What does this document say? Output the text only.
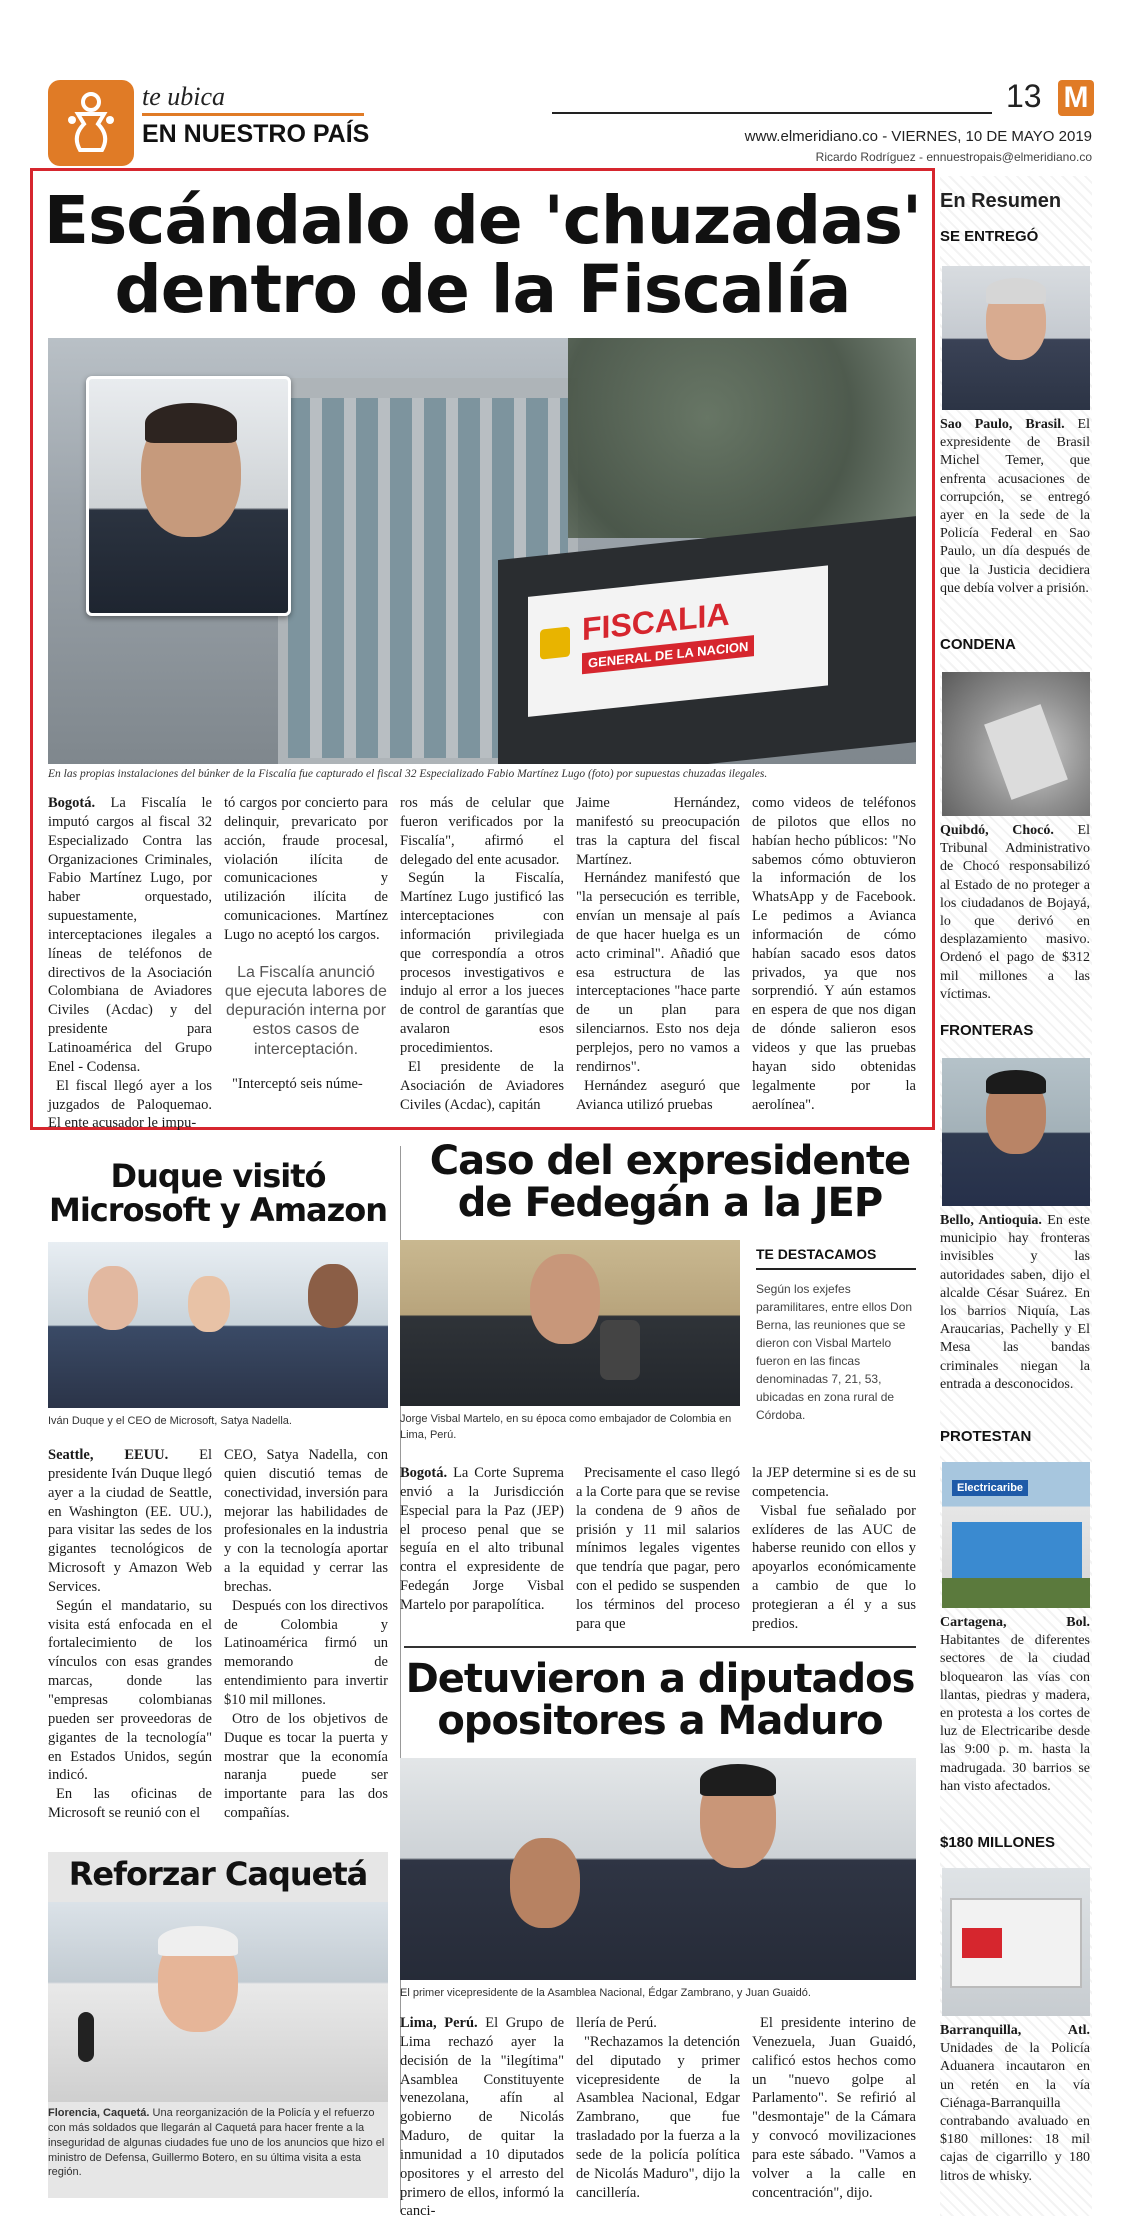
te ubica
EN NUESTRO PAÍS
13 M
www.elmeridiano.co - VIERNES, 10 DE MAYO 2019
Ricardo Rodríguez - ennuestropais@elmeridiano.co
Escándalo de 'chuzadas'
dentro de la Fiscalía
FISCALIA
GENERAL DE LA NACION
En las propias instalaciones del búnker de la Fiscalía fue capturado el fiscal 32 Especializado Fabio Martínez Lugo (foto) por supuestas chuzadas ilegales.

Bogotá. La Fiscalía le imputó cargos al fiscal 32 Especializado Contra las Organizaciones Criminales, Fabio Martínez Lugo, por haber orquestado, supuestamente, interceptaciones ilegales a líneas de teléfonos de directivos de la Asociación Colombiana de Aviadores Civiles (Acdac) y del presidente para Latinoamérica del Grupo Enel - Codensa.

El fiscal llegó ayer a los juzgados de Paloquemao. El ente acusador le impu-

tó cargos por concierto para delinquir, prevaricato por acción, fraude procesal, violación ilícita de comunicaciones y utilización ilícita de comunicaciones. Martínez Lugo no aceptó los cargos.

La Fiscalía anunció que ejecuta labores de depuración interna por estos casos de interceptación.

"Interceptó seis núme-

ros más de celular que fueron verificados por la Fiscalía", afirmó el delegado del ente acusador.

Según la Fiscalía, Martínez Lugo justificó las interceptaciones con información privilegiada que correspondía a otros procesos investigativos e indujo al error a los jueces de control de garantías que avalaron esos procedimientos.

El presidente de la Asociación de Aviadores Civiles (Acdac), capitán

Jaime Hernández, manifestó su preocupación tras la captura del fiscal Martínez.

Hernández manifestó que "la persecución es terrible, envían un mensaje al país de que hacer huelga es un acto criminal". Añadió que esa estructura de las interceptaciones "hace parte de un plan para silenciarnos. Esto nos deja perplejos, pero no vamos a rendirnos".

Hernández aseguró que Avianca utilizó pruebas

como videos de teléfonos de pilotos que ellos no habían hecho públicos: "No sabemos cómo obtuvieron la información de los WhatsApp y de Facebook. Le pedimos a Avianca información de cómo habían sacado esos datos privados, ya que nos sorprendió. Y aún estamos en espera de que nos digan de dónde salieron esos videos y que las pruebas hayan sido obtenidas legalmente por la aerolínea".

En Resumen
SE ENTREGÓ
Sao Paulo, Brasil. El expresidente de Brasil Michel Temer, que enfrenta acusaciones de corrupción, se entregó ayer en la sede de la Policía Federal en Sao Paulo, un día después de que la Justicia decidiera que debía volver a prisión.
CONDENA
Quibdó, Chocó. El Tribunal Administrativo de Chocó responsabilizó al Estado de no proteger a los ciudadanos de Bojayá, lo que derivó en desplazamiento masivo. Ordenó el pago de $312 mil millones a las víctimas.
FRONTERAS
Bello, Antioquia. En este municipio hay fronteras invisibles y las autoridades saben, dijo el alcalde César Suárez. En los barrios Niquía, Las Araucarias, Pachelly y El Mesa las bandas criminales niegan la entrada a desconocidos.
PROTESTAN
Electricaribe
Cartagena, Bol. Habitantes de diferentes sectores de la ciudad bloquearon las vías con llantas, piedras y madera, en protesta a los cortes de luz de Electricaribe desde las 9:00 p. m. hasta la madrugada. 30 barrios se han visto afectados.
$180 MILLONES
Barranquilla, Atl. Unidades de la Policía Aduanera incautaron en un retén en la vía Ciénaga-Barranquilla contrabando avaluado en $180 millones: 18 mil cajas de cigarrillo y 180 litros de whisky.
Duque visitó
Microsoft y Amazon
Iván Duque y el CEO de Microsoft, Satya Nadella.

Seattle, EEUU. El presidente Iván Duque llegó ayer a la ciudad de Seattle, en Washington (EE. UU.), para visitar las sedes de los gigantes tecnológicos de Microsoft y Amazon Web Services.

Según el mandatario, su visita está enfocada en el fortalecimiento de los vínculos con esas grandes marcas, donde las "empresas colombianas pueden ser proveedoras de gigantes de la tecnología" en Estados Unidos, según indicó.

En las oficinas de Microsoft se reunió con el

CEO, Satya Nadella, con quien discutió temas de conectividad, inversión para mejorar las habilidades de profesionales en la industria y con la tecnología aportar a la equidad y cerrar las brechas.

Después con los directivos de Colombia y Latinoamérica firmó un memorando de entendimiento para invertir $10 mil millones.

Otro de los objetivos de Duque es tocar la puerta y mostrar que la economía naranja puede ser importante para las dos compañías.

Caso del expresidente
de Fedegán a la JEP
Jorge Visbal Martelo, en su época como embajador de Colombia en Lima, Perú.
TE DESTACAMOS
Según los exjefes paramilitares, entre ellos Don Berna, las reuniones que se dieron con Visbal Martelo fueron en las fincas denominadas 7, 21, 53, ubicadas en zona rural de Córdoba.

Bogotá. La Corte Suprema envió a la Jurisdicción Especial para la Paz (JEP) el proceso penal que se seguía en el alto tribunal contra el expresidente de Fedegán Jorge Visbal Martelo por parapolítica.

Precisamente el caso llegó a la Corte para que se revise la condena de 9 años de prisión y 11 mil salarios mínimos legales vigentes que tendría que pagar, pero con el pedido se suspenden los términos del proceso para que

la JEP determine si es de su competencia.

Visbal fue señalado por exlíderes de las AUC de haberse reunido con ellos y apoyarlos económicamente a cambio de que lo protegieran a él y a sus predios.

Detuvieron a diputados
opositores a Maduro
El primer vicepresidente de la Asamblea Nacional, Édgar Zambrano, y Juan Guaidó.

Lima, Perú. El Grupo de Lima rechazó ayer la decisión de la "ilegítima" Asamblea Constituyente venezolana, afín al gobierno de Nicolás Maduro, de quitar la inmunidad a 10 diputados opositores y el arresto del primero de ellos, informó la canci-

llería de Perú.

"Rechazamos la detención del diputado y primer vicepresidente de la Asamblea Nacional, Edgar Zambrano, que fue trasladado por la fuerza a la sede de la policía política de Nicolás Maduro", dijo la cancillería.

El presidente interino de Venezuela, Juan Guaidó, calificó estos hechos como un "nuevo golpe al Parlamento". Se refirió al "desmontaje" de la Cámara y convocó movilizaciones para este sábado. "Vamos a volver a la calle en concentración", dijo.

Reforzar Caquetá
Florencia, Caquetá. Una reorganización de la Policía y el refuerzo con más soldados que llegarán al Caquetá para hacer frente a la inseguridad de algunas ciudades fue uno de los anuncios que hizo el ministro de Defensa, Guillermo Botero, en su última visita a esta región.
